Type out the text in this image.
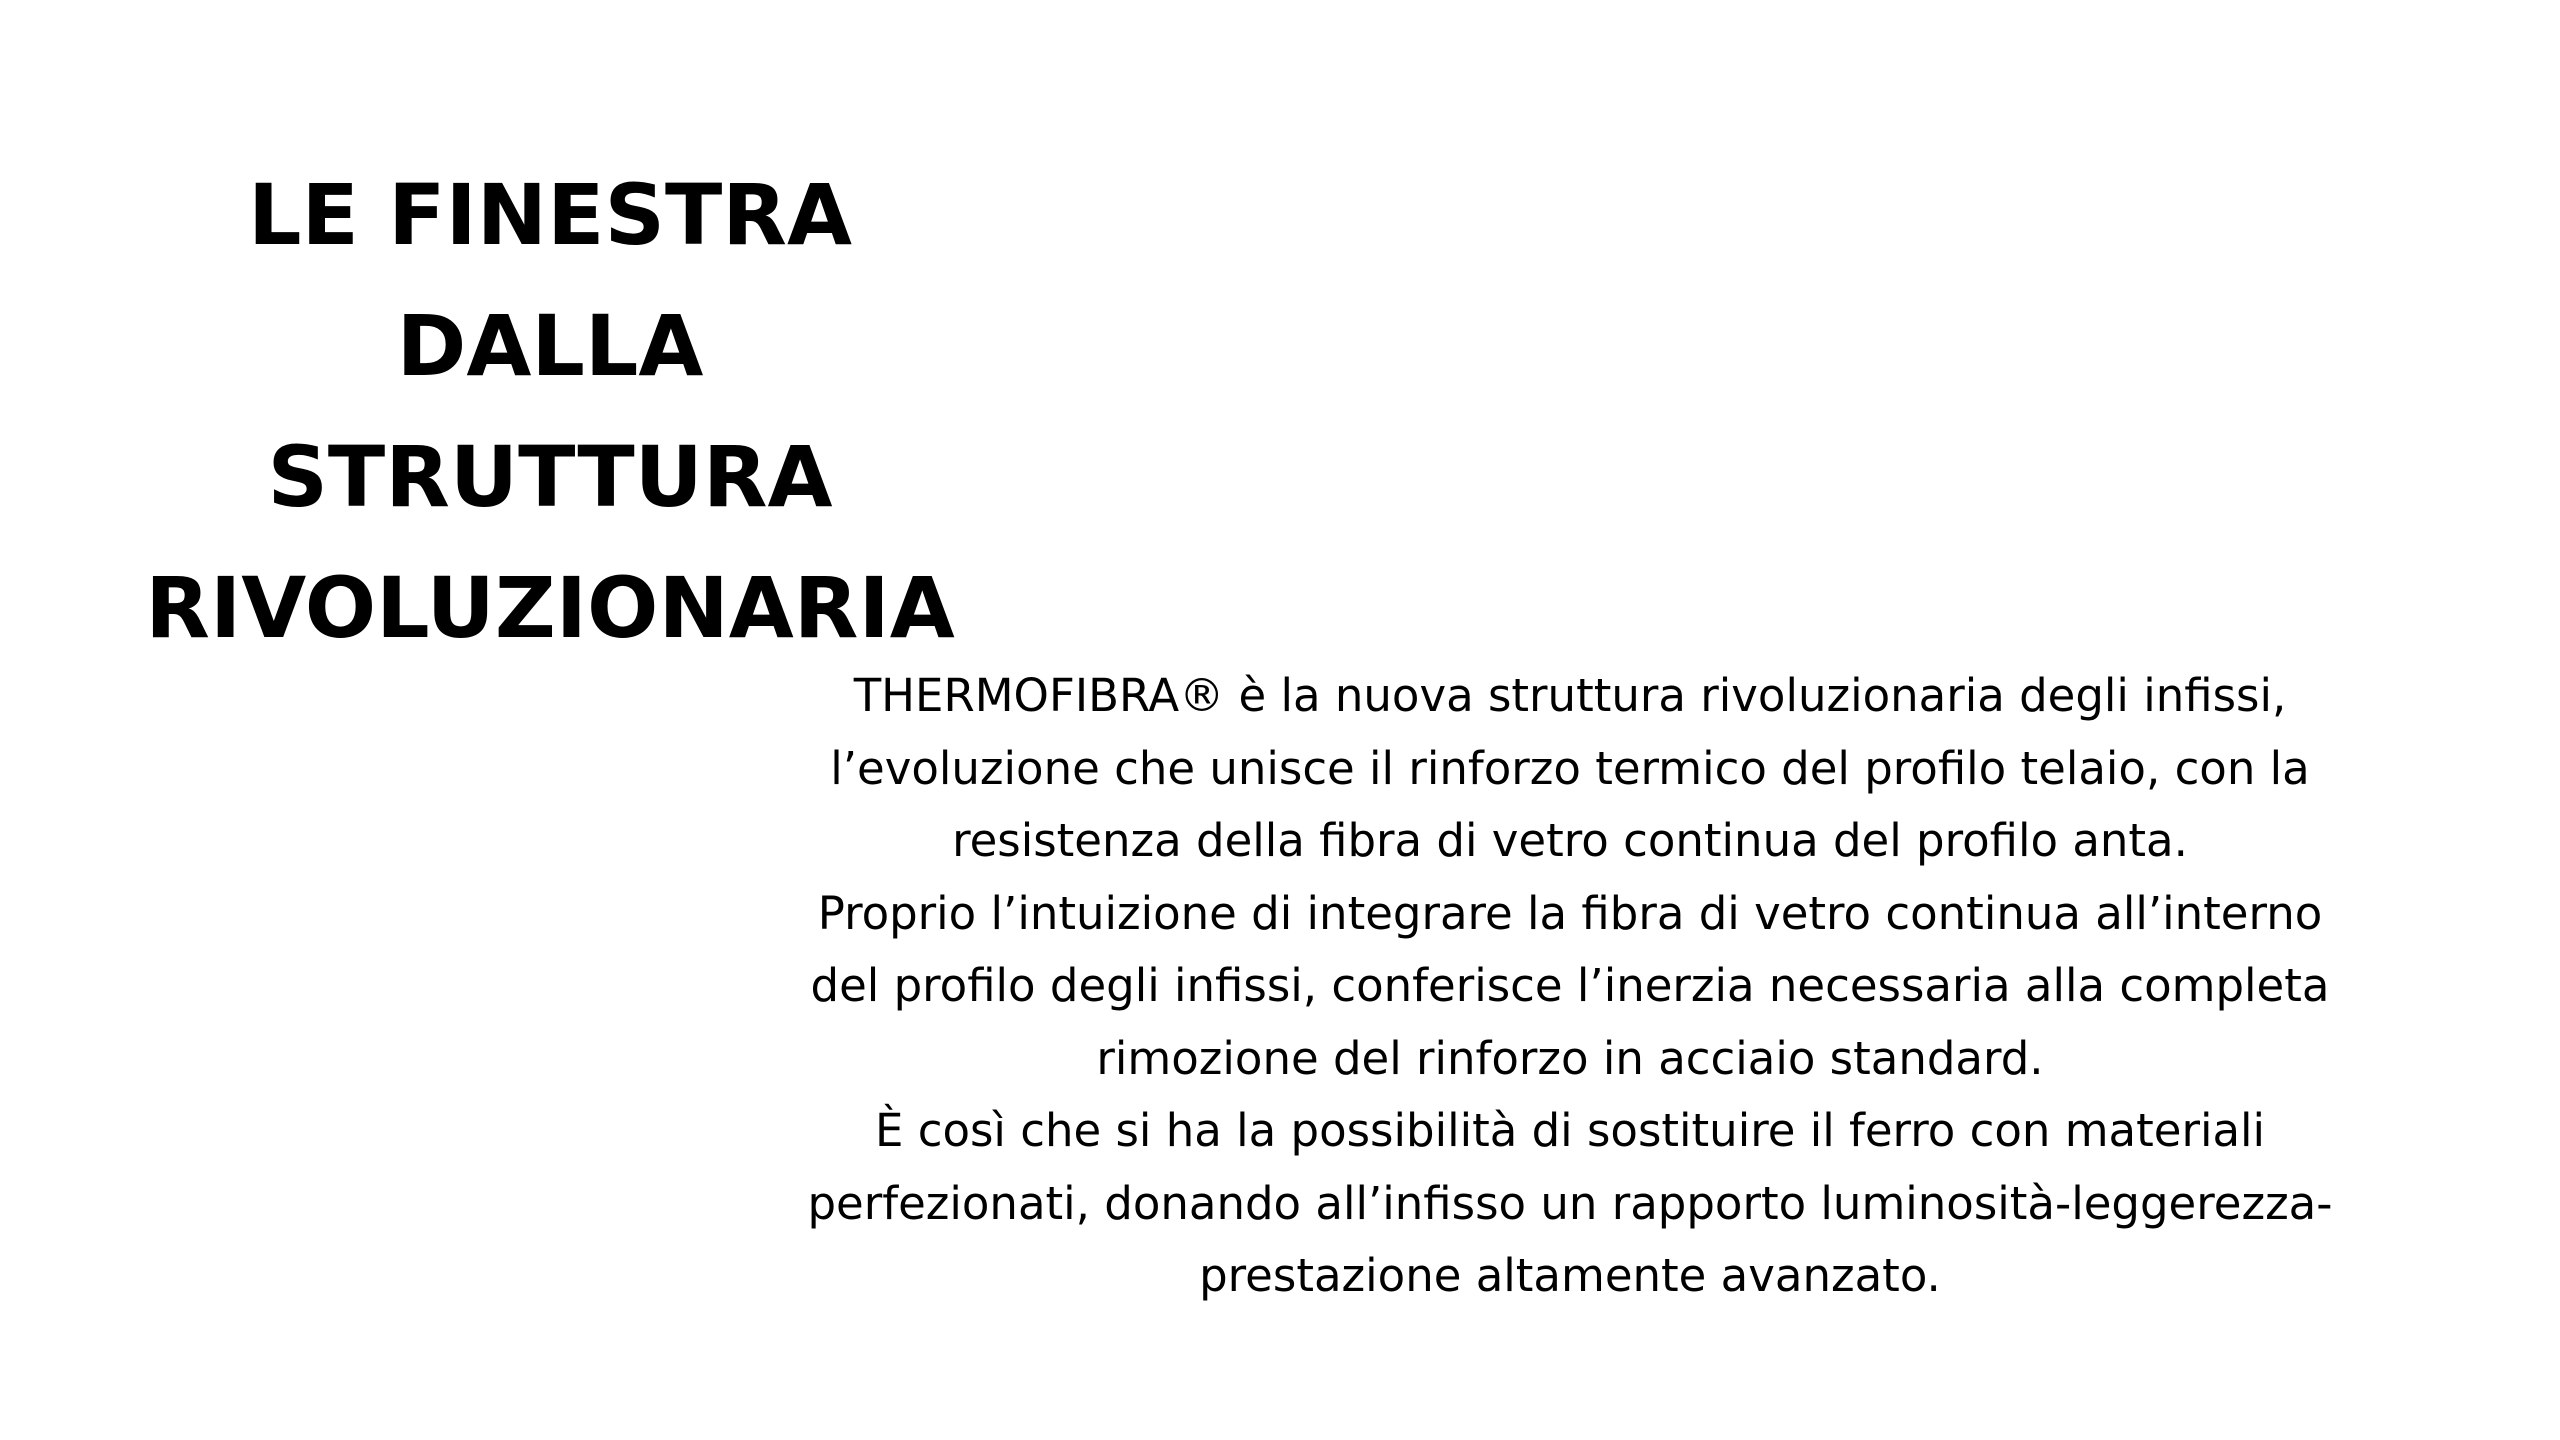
LE FINESTRA
DALLA
STRUTTURA
RIVOLUZIONARIA
THERMOFIBRA® è la nuova struttura rivoluzionaria degli infissi,
l’evoluzione che unisce il rinforzo termico del profilo telaio, con la
resistenza della fibra di vetro continua del profilo anta.
Proprio l’intuizione di integrare la fibra di vetro continua all’interno
del profilo degli infissi, conferisce l’inerzia necessaria alla completa
rimozione del rinforzo in acciaio standard.
È così che si ha la possibilità di sostituire il ferro con materiali
perfezionati, donando all’infisso un rapporto luminosità-leggerezza-
prestazione altamente avanzato.
